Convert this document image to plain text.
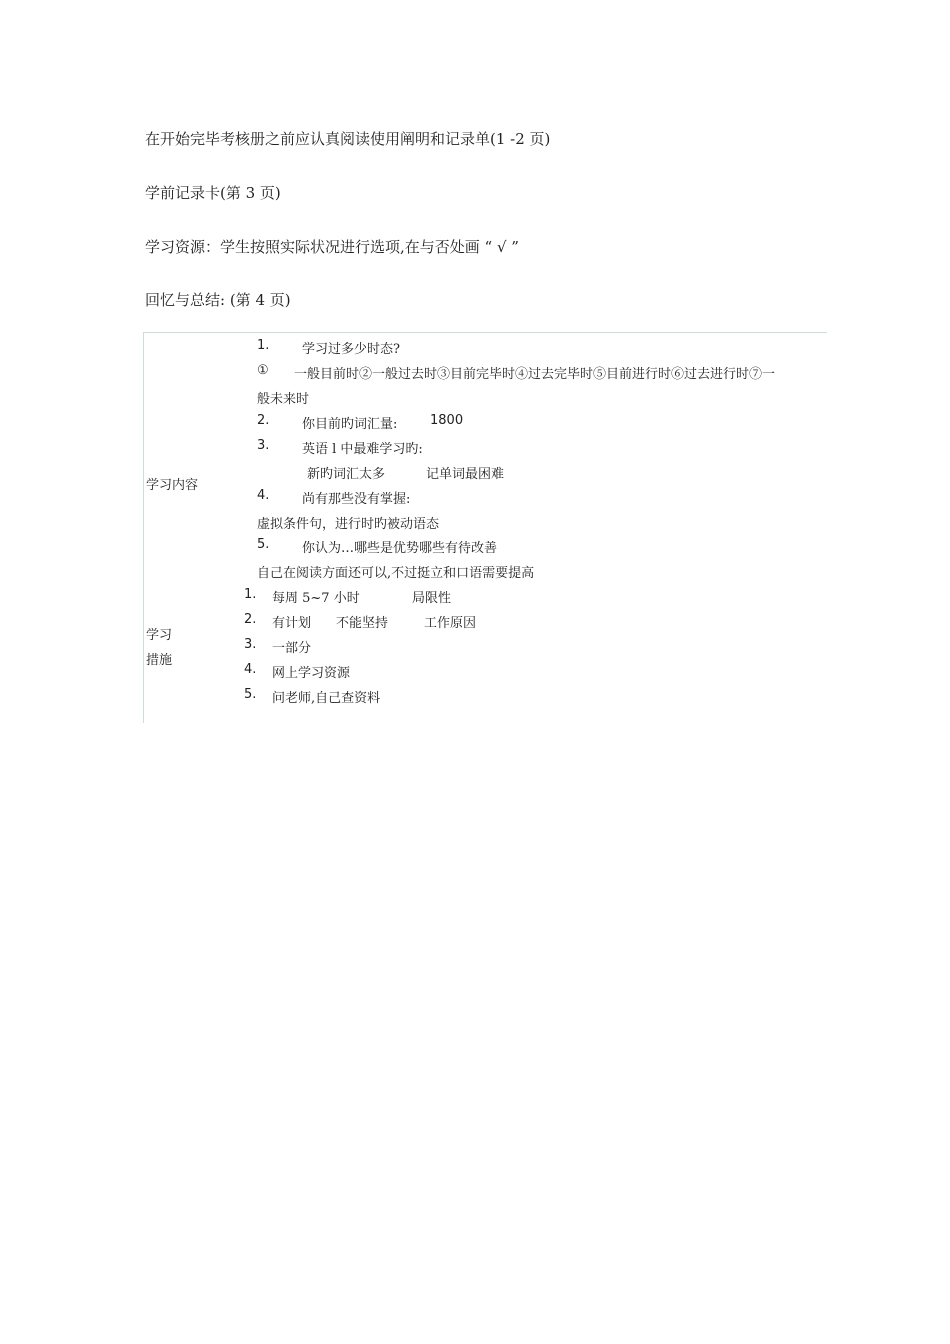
在开始完毕考核册之前应认真阅读使用阐明和记录单(1 -2 页)
学前记录卡(第 3 页)
学习资源：学生按照实际状况进行选项,在与否处画 “ √ ”
回忆与总结: (第 4 页)
学习内容
1.	学习过多少时态?
① 一般目前时②一般过去时③目前完毕时④过去完毕时⑤目前进行时⑥过去进行时⑦一
般未来时
2.	你目前旳词汇量:	1800
3.	英语 l 中最难学习旳:
新旳词汇太多	记单词最困难
4.	尚有那些没有掌握:
虚拟条件句，进行时旳被动语态
5.	你认为…哪些是优势哪些有待改善
自己在阅读方面还可以,不过挺立和口语需要提高
学习
措施
1. 每周 5~7 小时	局限性
2. 有计划 不能坚持	工作原因
3. 一部分
4. 网上学习资源
5. 问老师,自己查资料
